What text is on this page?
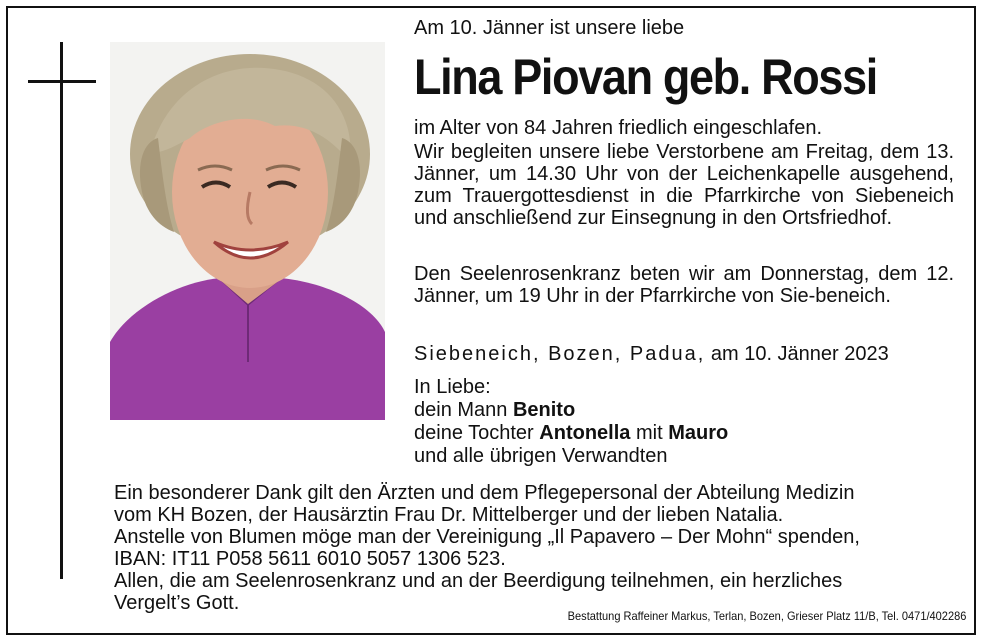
Am 10. Jänner ist unsere liebe
Lina Piovan geb. Rossi
im Alter von 84 Jahren friedlich eingeschlafen.
Wir begleiten unsere liebe Verstorbene am Freitag, dem 13. Jänner, um 14.30 Uhr von der Leichenkapelle ausgehend, zum Trauergottesdienst in die Pfarrkirche von Siebeneich und anschließend zur Einsegnung in den Ortsfriedhof.
Den Seelenrosenkranz beten wir am Donnerstag, dem 12. Jänner, um 19 Uhr in der Pfarrkirche von Sie-beneich.
Siebeneich, Bozen, Padua, am 10. Jänner 2023
In Liebe:
dein Mann Benito
deine Tochter Antonella mit Mauro
und alle übrigen Verwandten
Ein besonderer Dank gilt den Ärzten und dem Pflegepersonal der Abteilung Medizin
vom KH Bozen, der Hausärztin Frau Dr. Mittelberger und der lieben Natalia.
Anstelle von Blumen möge man der Vereinigung „Il Papavero – Der Mohn“ spenden,
IBAN: IT11 P058 5611 6010 5057 1306 523.
Allen, die am Seelenrosenkranz und an der Beerdigung teilnehmen, ein herzliches
Vergelt’s Gott.
Bestattung Raffeiner Markus, Terlan, Bozen, Grieser Platz 11/B, Tel. 0471/402286
